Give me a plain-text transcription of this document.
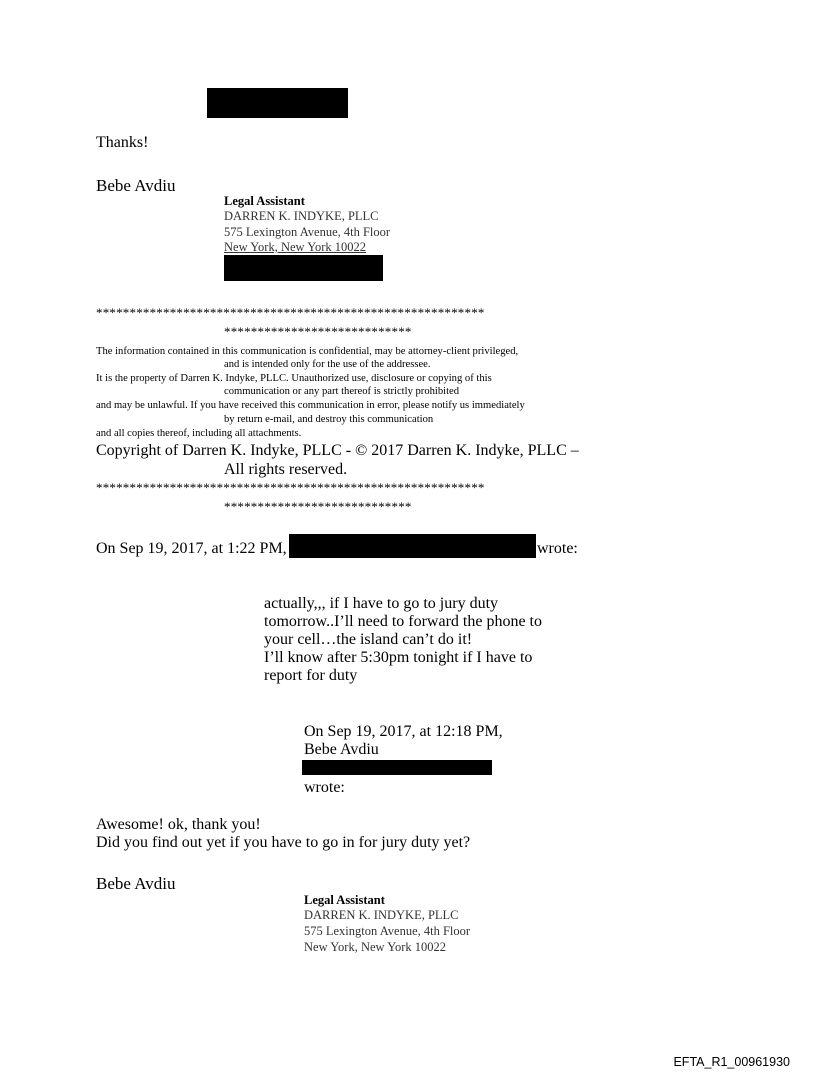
Thanks!
Bebe Avdiu
Legal Assistant
DARREN K. INDYKE, PLLC
575 Lexington Avenue, 4th Floor
New York, New York 10022
**********************************************************
****************************
The information contained in this communication is confidential, may be attorney-client privileged,
and is intended only for the use of the addressee.
It is the property of Darren K. Indyke, PLLC. Unauthorized use, disclosure or copying of this
communication or any part thereof is strictly prohibited
and may be unlawful. If you have received this communication in error, please notify us immediately
by return e-mail, and destroy this communication
and all copies thereof, including all attachments.
Copyright of Darren K. Indyke, PLLC - © 2017 Darren K. Indyke, PLLC –
All rights reserved.
**********************************************************
****************************
On Sep 19, 2017, at 1:22 PM,	wrote:
actually,,, if I have to go to jury duty
tomorrow..I’ll need to forward the phone to
your cell…the island can’t do it!
I’ll know after 5:30pm tonight if I have to
report for duty
On Sep 19, 2017, at 12:18 PM,
Bebe Avdiu
wrote:
Awesome! ok, thank you!
Did you find out yet if you have to go in for jury duty yet?
Bebe Avdiu
Legal Assistant
DARREN K. INDYKE, PLLC
575 Lexington Avenue, 4th Floor
New York, New York 10022
EFTA_R1_00961930
